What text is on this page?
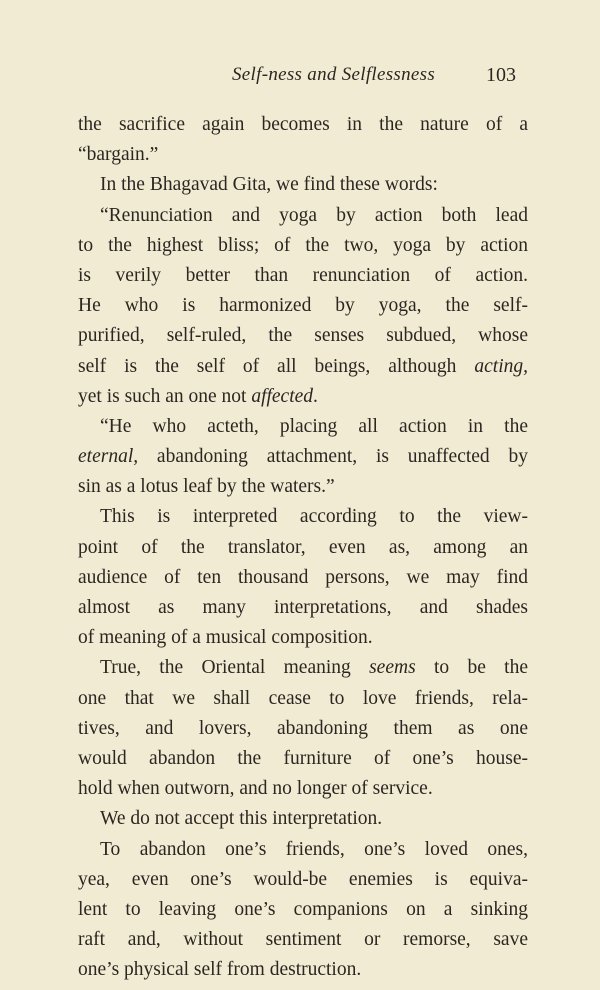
Self-ness and Selflessness	103
the sacrifice again becomes in the nature of a
“bargain.”
In the Bhagavad Gita, we find these words:
“Renunciation and yoga by action both lead
to the highest bliss; of the two, yoga by action
is verily better than renunciation of action.
He who is harmonized by yoga, the self-
purified, self-ruled, the senses subdued, whose
self is the self of all beings, although acting,
yet is such an one not affected.
“He who acteth, placing all action in the
eternal, abandoning attachment, is unaffected by
sin as a lotus leaf by the waters.”
This is interpreted according to the view-
point of the translator, even as, among an
audience of ten thousand persons, we may find
almost as many interpretations, and shades
of meaning of a musical composition.
True, the Oriental meaning seems to be the
one that we shall cease to love friends, rela-
tives, and lovers, abandoning them as one
would abandon the furniture of one’s house-
hold when outworn, and no longer of service.
We do not accept this interpretation.
To abandon one’s friends, one’s loved ones,
yea, even one’s would-be enemies is equiva-
lent to leaving one’s companions on a sinking
raft and, without sentiment or remorse, save
one’s physical self from destruction.
